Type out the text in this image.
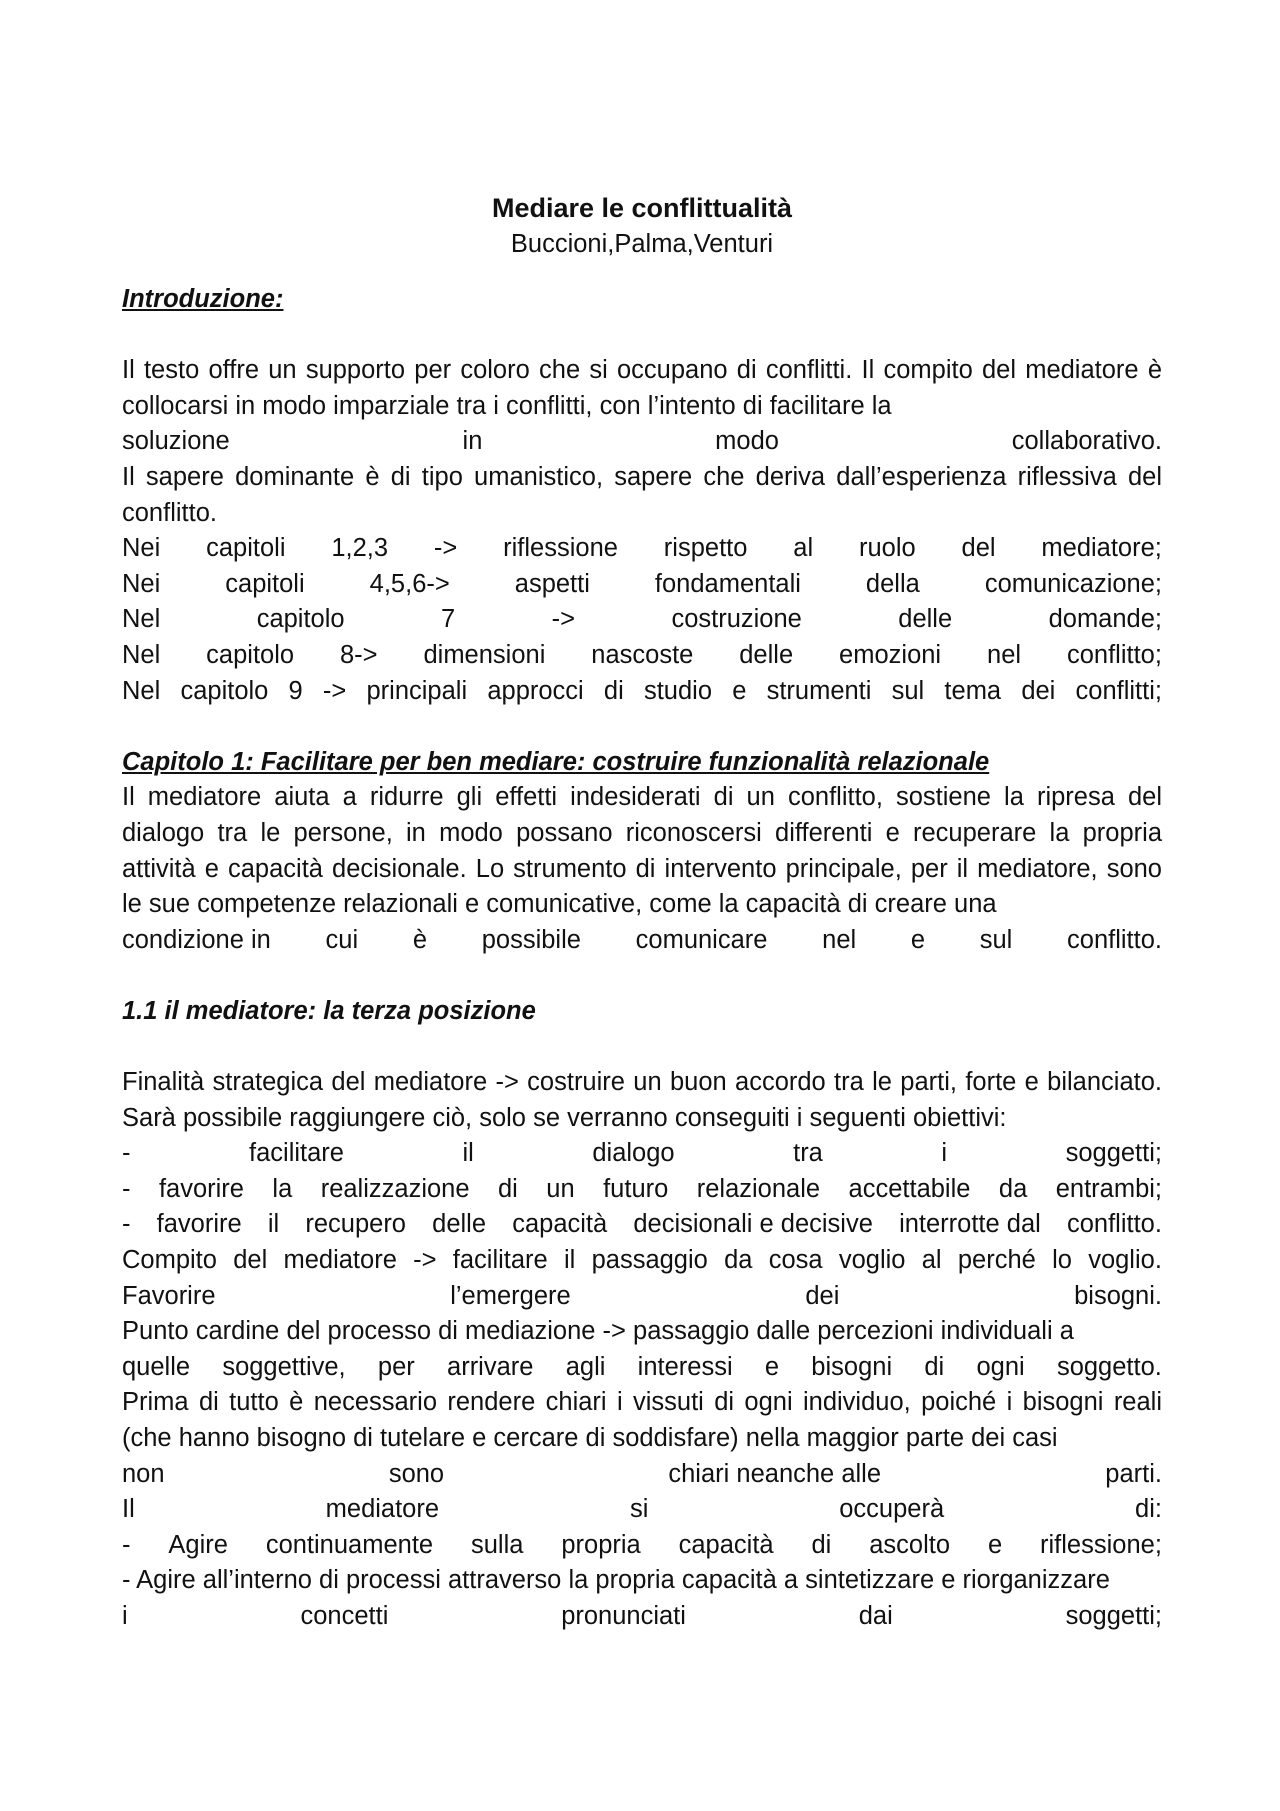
Mediare le conflittualità
Buccioni,Palma,Venturi
Introduzione:
Il testo offre un supporto per coloro che si occupano di conflitti. Il compito del mediatore è collocarsi in modo imparziale tra i conflitti, con l’intento di facilitare la
soluzione	in	modo	collaborativo.
Il sapere dominante è di tipo umanistico, sapere che deriva dall’esperienza riflessiva del conflitto.
Nei capitoli 1,2,3 -> riflessione rispetto al ruolo del mediatore;
Nei	capitoli	4,5,6->	aspetti	fondamentali	della	comunicazione;
Nel	capitolo	7	->	costruzione	delle	domande;
Nel capitolo 8-> dimensioni nascoste delle emozioni nel conflitto;
Nel capitolo 9 -> principali approcci di studio e strumenti sul tema dei conflitti;
Capitolo 1: Facilitare per ben mediare: costruire funzionalità relazionale
Il mediatore aiuta a ridurre gli effetti indesiderati di un conflitto, sostiene la ripresa del dialogo tra le persone, in modo possano riconoscersi differenti e recuperare la propria attività e capacità decisionale. Lo strumento di intervento principale, per il mediatore, sono le sue competenze relazionali e comunicative, come la capacità di creare una
condizione in cui è possibile comunicare nel e sul conflitto.
1.1 il mediatore: la terza posizione
Finalità strategica del mediatore -> costruire un buon accordo tra le parti, forte e bilanciato. Sarà possibile raggiungere ciò, solo se verranno conseguiti i seguenti obiettivi:
-	facilitare	il	dialogo	tra	i	soggetti;
- favorire la realizzazione di un futuro relazionale accettabile da entrambi;
- favorire il recupero delle capacità decisionali e decisive interrotte dal conflitto.
Compito del mediatore -> facilitare il passaggio da cosa voglio al perché lo voglio.
Favorire	l’emergere	dei	bisogni.
Punto cardine del processo di mediazione -> passaggio dalle percezioni individuali a
quelle soggettive, per arrivare agli interessi e bisogni di ogni soggetto.
Prima di tutto è necessario rendere chiari i vissuti di ogni individuo, poiché i bisogni reali (che hanno bisogno di tutelare e cercare di soddisfare) nella maggior parte dei casi
non	sono	chiari neanche alle	parti.
Il	mediatore	si	occuperà	di:
- Agire continuamente sulla propria capacità di ascolto e riflessione;
- Agire all’interno di processi attraverso la propria capacità a sintetizzare e riorganizzare
i	concetti	pronunciati	dai	soggetti;
